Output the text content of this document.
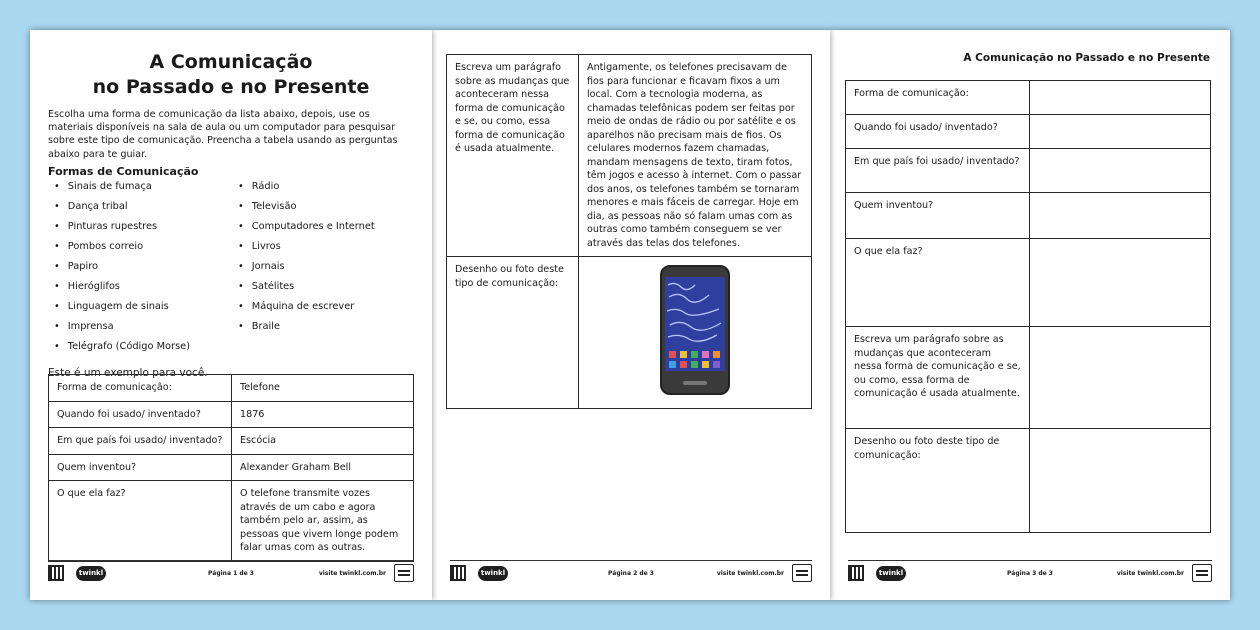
A Comunicação
no Passado e no Presente

Escolha uma forma de comunicação da lista abaixo, depois, use os materiais disponíveis na sala de aula ou um computador para pesquisar sobre este tipo de comunicação. Preencha a tabela usando as perguntas abaixo para te guiar.

Formas de Comunicação
• Sinais de fumaça
• Dança tribal
• Pinturas rupestres
• Pombos correio
• Papiro
• Hieróglifos
• Linguagem de sinais
• Imprensa
• Telégrafo (Código Morse)
• Rádio
• Televisão
• Computadores e Internet
• Livros
• Jornais
• Satélites
• Máquina de escrever
• Braile
Este é um exemplo para você.
Forma de comunicação:	Telefone
Quando foi usado/ inventado?	1876
Em que país foi usado/ inventado?	Escócia
Quem inventou?	Alexander Graham Bell
O que ela faz?	O telefone transmite vozes através de um cabo e agora também pelo ar, assim, as pessoas que vivem longe podem falar umas com as outras.
twinkl	Página 1 de 3	visite twinkl.com.br
Escreva um parágrafo sobre as mudanças que aconteceram nessa forma de comunicação e se, ou como, essa forma de comunicação é usada atualmente.	Antigamente, os telefones precisavam de fios para funcionar e ficavam fixos a um local. Com a tecnologia moderna, as chamadas telefônicas podem ser feitas por meio de ondas de rádio ou por satélite e os aparelhos não precisam mais de fios. Os celulares modernos fazem chamadas, mandam mensagens de texto, tiram fotos, têm jogos e acesso à internet. Com o passar dos anos, os telefones também se tornaram menores e mais fáceis de carregar. Hoje em dia, as pessoas não só falam umas com as outras como também conseguem se ver através das telas dos telefones.
Desenho ou foto deste tipo de comunicação:	
twinkl	Página 2 de 3	visite twinkl.com.br
A Comunicação no Passado e no Presente
Forma de comunicação:	
Quando foi usado/ inventado?	
Em que país foi usado/ inventado?	
Quem inventou?	
O que ela faz?	
Escreva um parágrafo sobre as mudanças que aconteceram nessa forma de comunicação e se, ou como, essa forma de comunicação é usada atualmente.	
Desenho ou foto deste tipo de comunicação:	
twinkl	Página 3 de 3	visite twinkl.com.br
